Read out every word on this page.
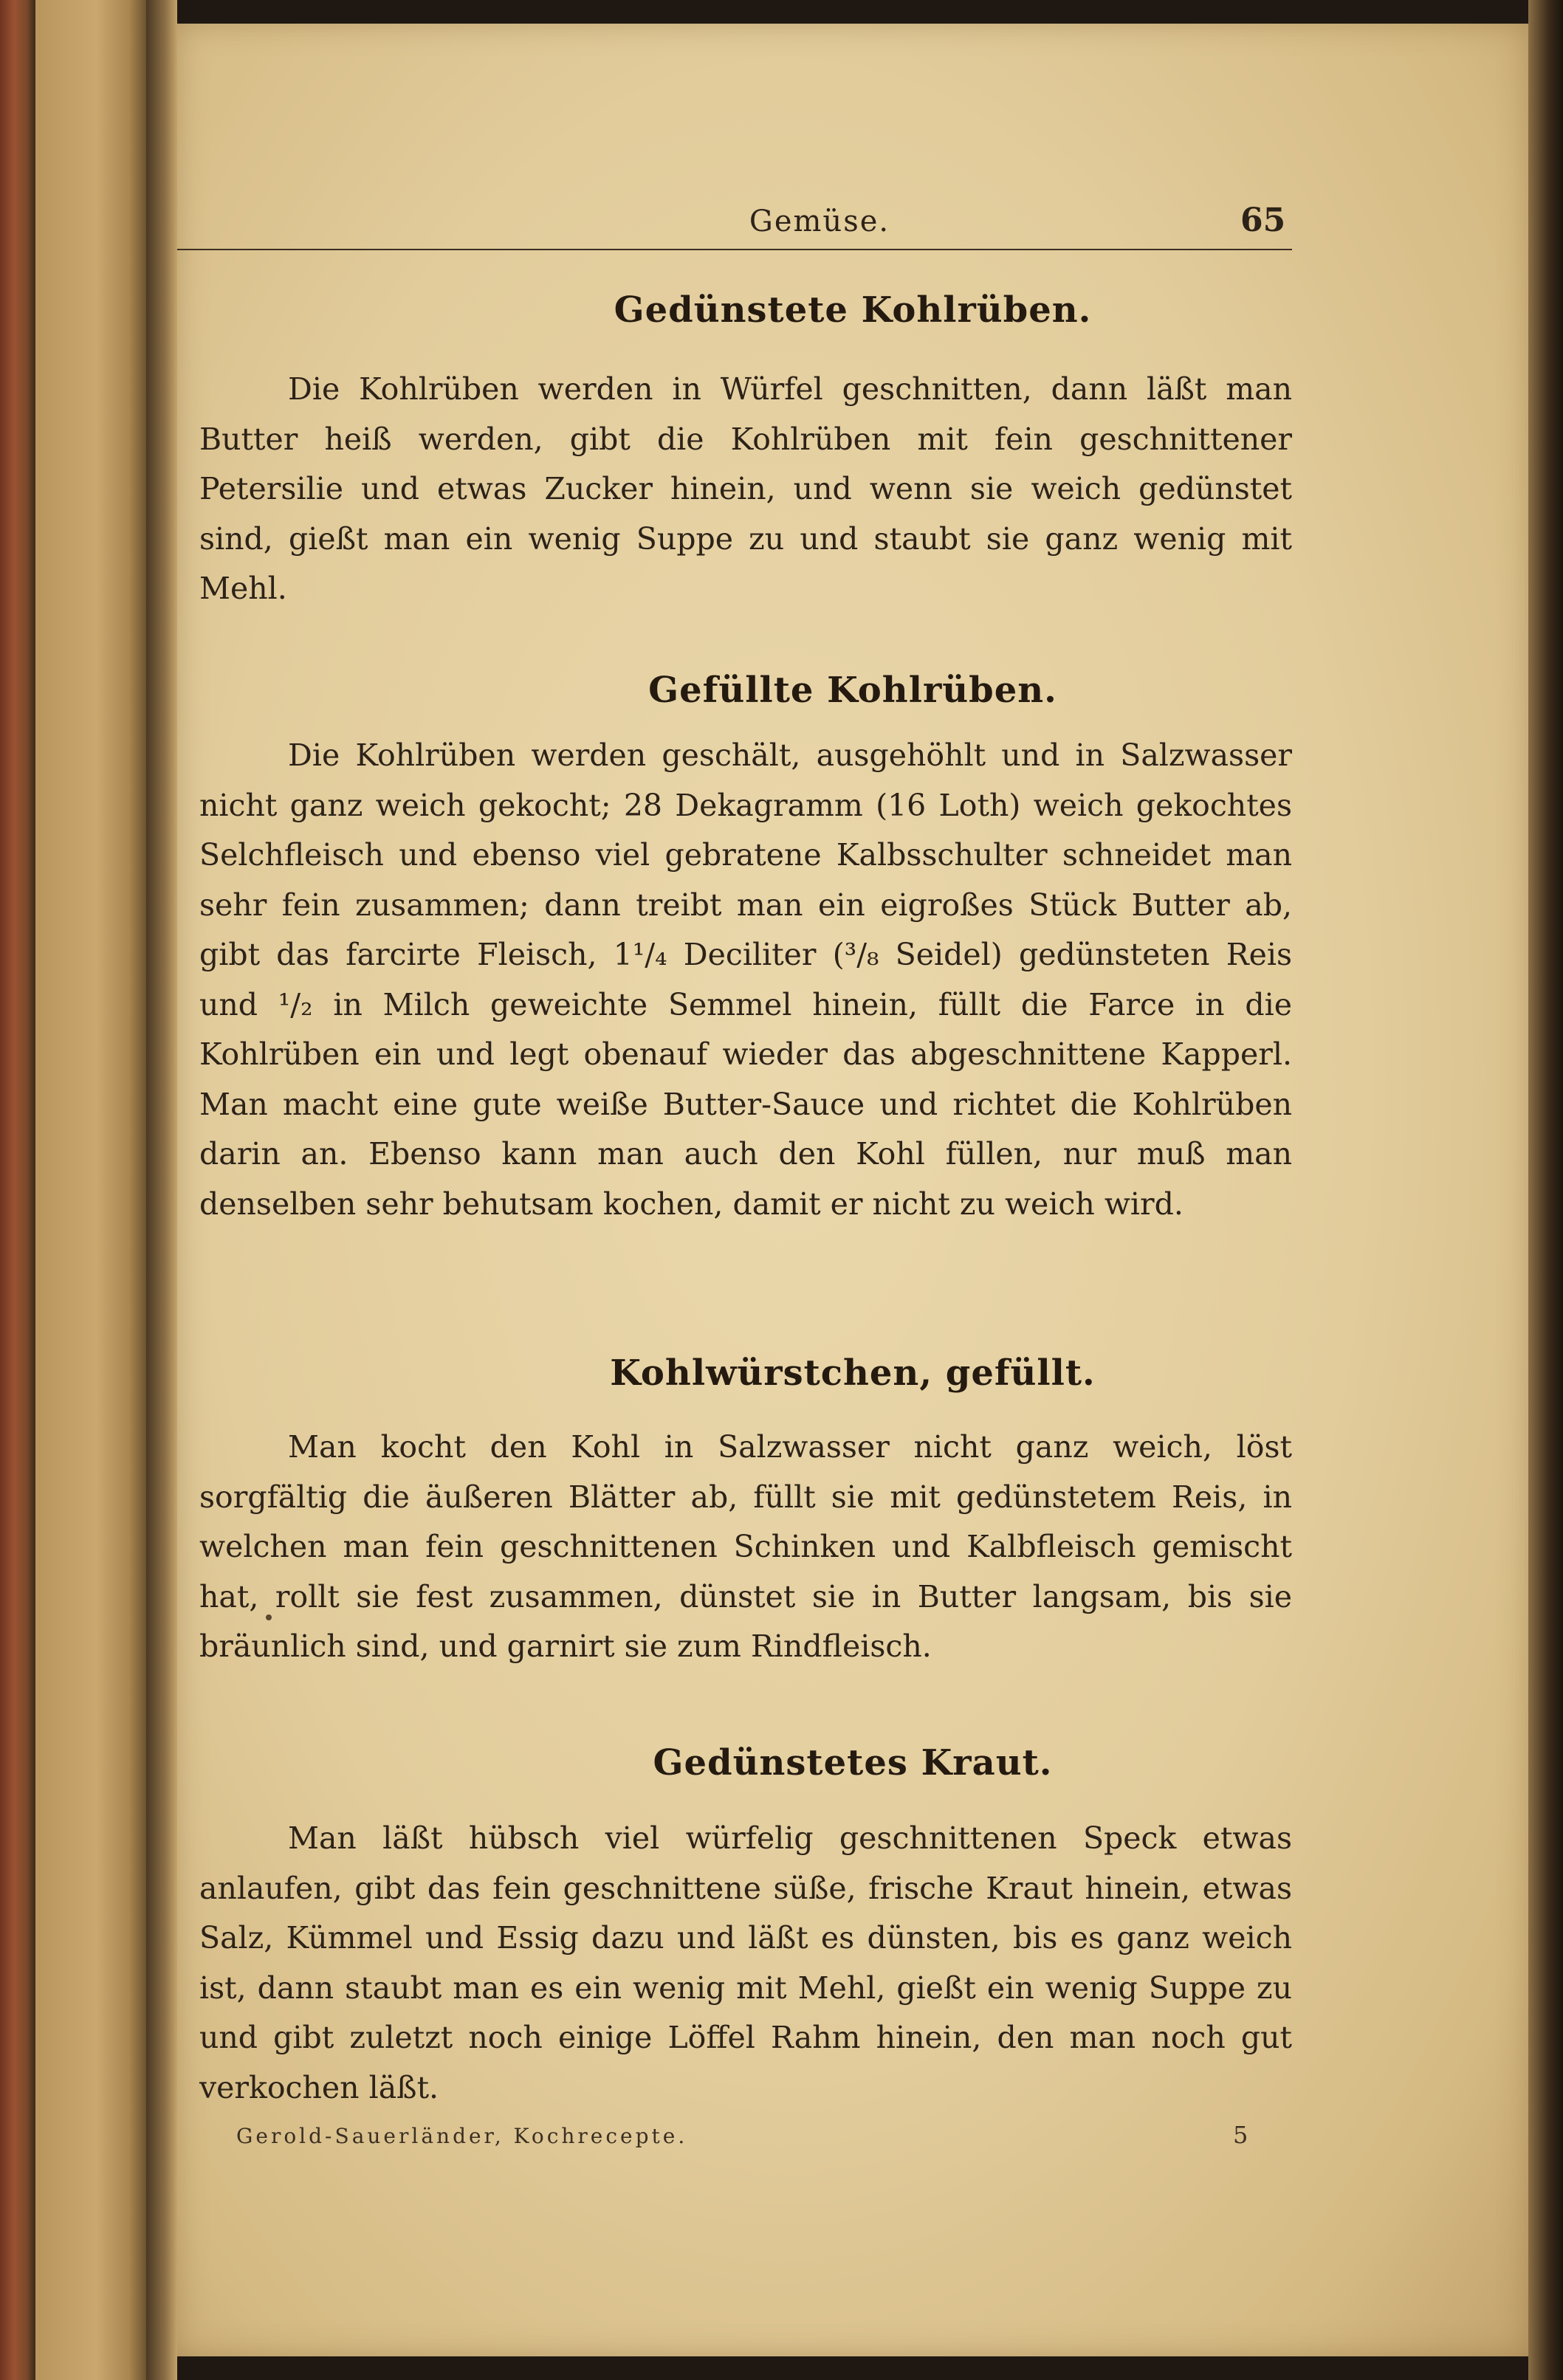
Gemüse.	65
Gedünstete Kohlrüben.

Die Kohlrüben werden in Würfel geschnitten, dann läßt man Butter heiß werden, gibt die Kohlrüben mit fein geschnittener Petersilie und etwas Zucker hinein, und wenn sie weich gedünstet sind, gießt man ein wenig Suppe zu und staubt sie ganz wenig mit Mehl.

Gefüllte Kohlrüben.

Die Kohlrüben werden geschält, ausgehöhlt und in Salzwasser nicht ganz weich gekocht; 28 Dekagramm (16 Loth) weich gekochtes Selchfleisch und ebenso viel gebratene Kalbsschulter schneidet man sehr fein zusammen; dann treibt man ein eigroßes Stück Butter ab, gibt das farcirte Fleisch, 1¹/₄ Deciliter (³/₈ Seidel) gedünsteten Reis und ¹/₂ in Milch geweichte Semmel hinein, füllt die Farce in die Kohlrüben ein und legt obenauf wieder das abgeschnittene Kapperl. Man macht eine gute weiße Butter-Sauce und richtet die Kohlrüben darin an. Ebenso kann man auch den Kohl füllen, nur muß man denselben sehr behutsam kochen, damit er nicht zu weich wird.

Kohlwürstchen, gefüllt.

Man kocht den Kohl in Salzwasser nicht ganz weich, löst sorgfältig die äußeren Blätter ab, füllt sie mit gedünstetem Reis, in welchen man fein geschnittenen Schinken und Kalbfleisch gemischt hat, rollt sie fest zusammen, dünstet sie in Butter langsam, bis sie bräunlich sind, und garnirt sie zum Rindfleisch.

Gedünstetes Kraut.

Man läßt hübsch viel würfelig geschnittenen Speck etwas anlaufen, gibt das fein geschnittene süße, frische Kraut hinein, etwas Salz, Kümmel und Essig dazu und läßt es dünsten, bis es ganz weich ist, dann staubt man es ein wenig mit Mehl, gießt ein wenig Suppe zu und gibt zuletzt noch einige Löffel Rahm hinein, den man noch gut verkochen läßt.

Gerold-Sauerländer, Kochrecepte.	5
